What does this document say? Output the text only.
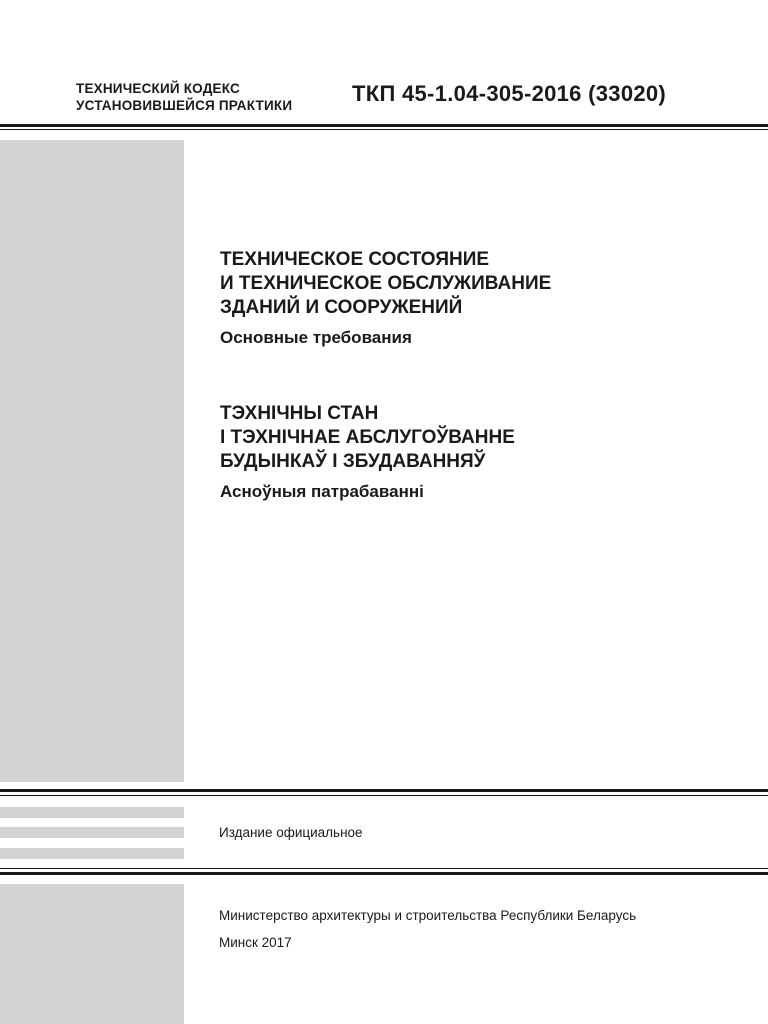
ТЕХНИЧЕСКИЙ КОДЕКС
УСТАНОВИВШЕЙСЯ ПРАКТИКИ	ТКП 45-1.04-305-2016 (33020)
ТЕХНИЧЕСКОЕ СОСТОЯНИЕ
И ТЕХНИЧЕСКОЕ ОБСЛУЖИВАНИЕ
ЗДАНИЙ И СООРУЖЕНИЙ
Основные требования
ТЭХНІЧНЫ СТАН
І ТЭХНІЧНАЕ АБСЛУГОЎВАННЕ
БУДЫНКАЎ І ЗБУДАВАННЯЎ
Асноўныя патрабаванні
Издание официальное
Министерство архитектуры и строительства Республики Беларусь
Минск 2017
